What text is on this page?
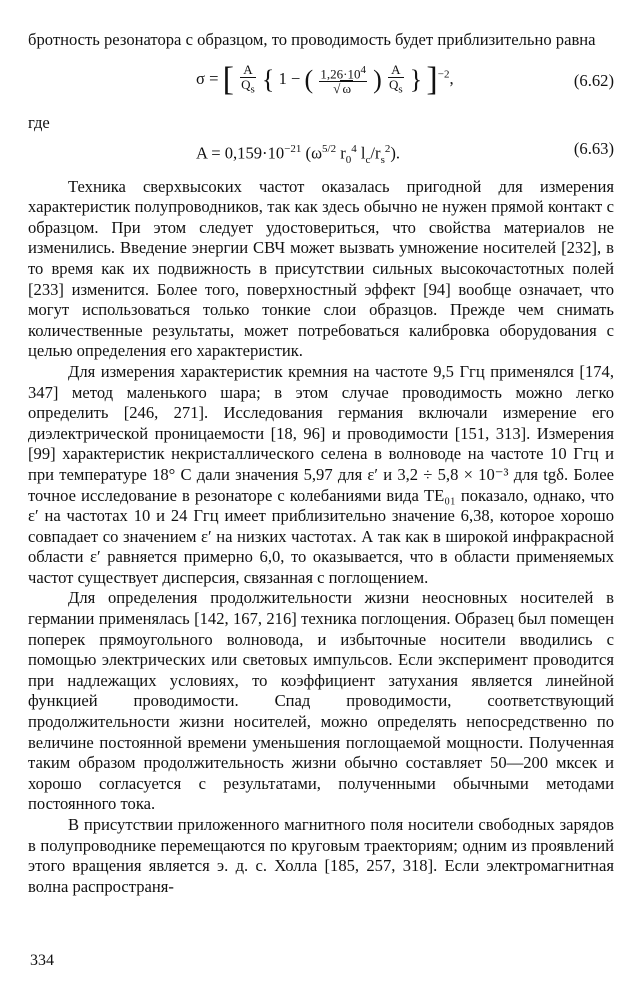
бротность резонатора с образцом, то проводимость будет приблизительно равна

σ = [ $\frac{A}{Q_s}$ { 1 − ( $\frac{1,26\cdot 10^4}{√ \omega}$ ) $\frac{A}{Q_s}$ } ]$^{-2}$,	(6.62)

где

$A = 0,159\cdot 10^{-21}$ ($\omega^{5/2}$ $r_0^4$ $l_c/r_s^2$).	(6.63)

Техника сверхвысоких частот оказалась пригодной для измерения характеристик полупроводников, так как здесь обычно не нужен прямой контакт с образцом. При этом следует удостовериться, что свойства материалов не изменились. Введение энергии СВЧ может вызвать умножение носителей [232], в то время как их подвижность в присутствии сильных высокочастотных полей [233] изменится. Более того, поверхностный эффект [94] вообще означает, что могут использоваться только тонкие слои образцов. Прежде чем снимать количественные результаты, может потребоваться калибровка оборудования с целью определения его характеристик.

Для измерения характеристик кремния на частоте 9,5 Ггц применялся [174, 347] метод маленького шара; в этом случае проводимость можно легко определить [246, 271]. Исследования германия включали измерение его диэлектрической проницаемости [18, 96] и проводимости [151, 313]. Измерения [99] характеристик некристаллического селена в волноводе на частоте 10 Ггц и при температуре 18° С дали значения 5,97 для ε′ и 3,2 ÷ 5,8 × 10⁻³ для tgδ. Более точное исследование в резонаторе с колебаниями вида TE₀₁ показало, однако, что ε′ на частотах 10 и 24 Ггц имеет приблизительно значение 6,38, которое хорошо совпадает со значением ε′ на низких частотах. А так как в широкой инфракрасной области ε′ равняется примерно 6,0, то оказывается, что в области применяемых частот существует дисперсия, связанная с поглощением.

Для определения продолжительности жизни неосновных носителей в германии применялась [142, 167, 216] техника поглощения. Образец был помещен поперек прямоугольного волновода, и избыточные носители вводились с помощью электрических или световых импульсов. Если эксперимент проводится при надлежащих условиях, то коэффициент затухания является линейной функцией проводимости. Спад проводимости, соответствующий продолжительности жизни носителей, можно определять непосредственно по величине постоянной времени уменьшения поглощаемой мощности. Полученная таким образом продолжительность жизни обычно составляет 50—200 мксек и хорошо согласуется с результатами, полученными обычными методами постоянного тока.

В присутствии приложенного магнитного поля носители свободных зарядов в полупроводнике перемещаются по круговым траекториям; одним из проявлений этого вращения является э. д. с. Холла [185, 257, 318]. Если электромагнитная волна распространя-

334
